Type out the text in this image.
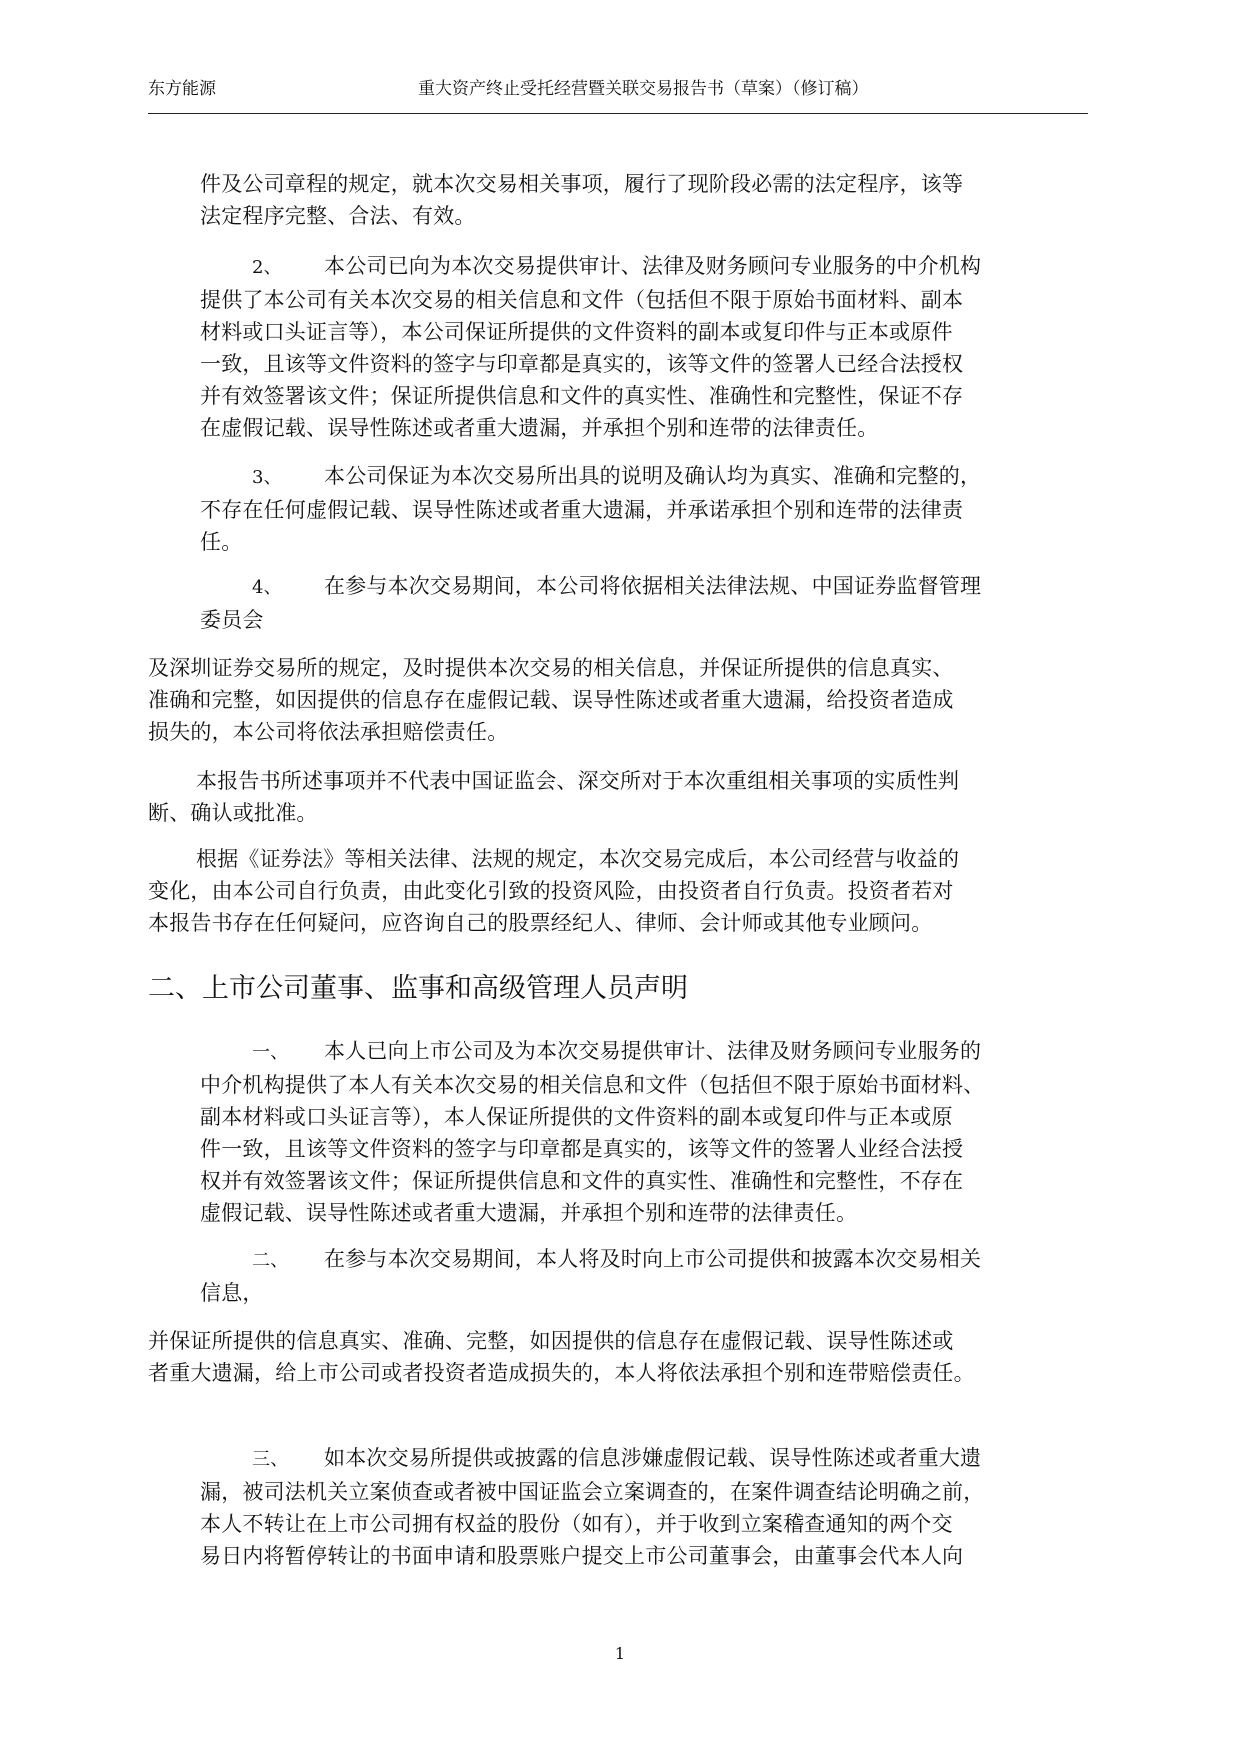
东方能源	重大资产终止受托经营暨关联交易报告书（草案）（修订稿）
件及公司章程的规定，就本次交易相关事项，履行了现阶段必需的法定程序，该等
法定程序完整、合法、有效。
2、 本公司已向为本次交易提供审计、法律及财务顾问专业服务的中介机构
提供了本公司有关本次交易的相关信息和文件（包括但不限于原始书面材料、副本
材料或口头证言等），本公司保证所提供的文件资料的副本或复印件与正本或原件
一致，且该等文件资料的签字与印章都是真实的，该等文件的签署人已经合法授权
并有效签署该文件；保证所提供信息和文件的真实性、准确性和完整性，保证不存
在虚假记载、误导性陈述或者重大遗漏，并承担个别和连带的法律责任。
3、 本公司保证为本次交易所出具的说明及确认均为真实、准确和完整的，
不存在任何虚假记载、误导性陈述或者重大遗漏，并承诺承担个别和连带的法律责
任。
4、 在参与本次交易期间，本公司将依据相关法律法规、中国证券监督管理
委员会
及深圳证券交易所的规定，及时提供本次交易的相关信息，并保证所提供的信息真实、
准确和完整，如因提供的信息存在虚假记载、误导性陈述或者重大遗漏，给投资者造成
损失的，本公司将依法承担赔偿责任。
本报告书所述事项并不代表中国证监会、深交所对于本次重组相关事项的实质性判
断、确认或批准。
根据《证券法》等相关法律、法规的规定，本次交易完成后，本公司经营与收益的
变化，由本公司自行负责，由此变化引致的投资风险，由投资者自行负责。投资者若对
本报告书存在任何疑问，应咨询自己的股票经纪人、律师、会计师或其他专业顾问。
二、上市公司董事、监事和高级管理人员声明
一、 本人已向上市公司及为本次交易提供审计、法律及财务顾问专业服务的
中介机构提供了本人有关本次交易的相关信息和文件（包括但不限于原始书面材料、
副本材料或口头证言等），本人保证所提供的文件资料的副本或复印件与正本或原
件一致，且该等文件资料的签字与印章都是真实的，该等文件的签署人业经合法授
权并有效签署该文件；保证所提供信息和文件的真实性、准确性和完整性，不存在
虚假记载、误导性陈述或者重大遗漏，并承担个别和连带的法律责任。
二、 在参与本次交易期间，本人将及时向上市公司提供和披露本次交易相关
信息，
并保证所提供的信息真实、准确、完整，如因提供的信息存在虚假记载、误导性陈述或
者重大遗漏，给上市公司或者投资者造成损失的，本人将依法承担个别和连带赔偿责任。
三、 如本次交易所提供或披露的信息涉嫌虚假记载、误导性陈述或者重大遗
漏，被司法机关立案侦查或者被中国证监会立案调查的，在案件调查结论明确之前，
本人不转让在上市公司拥有权益的股份（如有），并于收到立案稽查通知的两个交
易日内将暂停转让的书面申请和股票账户提交上市公司董事会，由董事会代本人向
1
